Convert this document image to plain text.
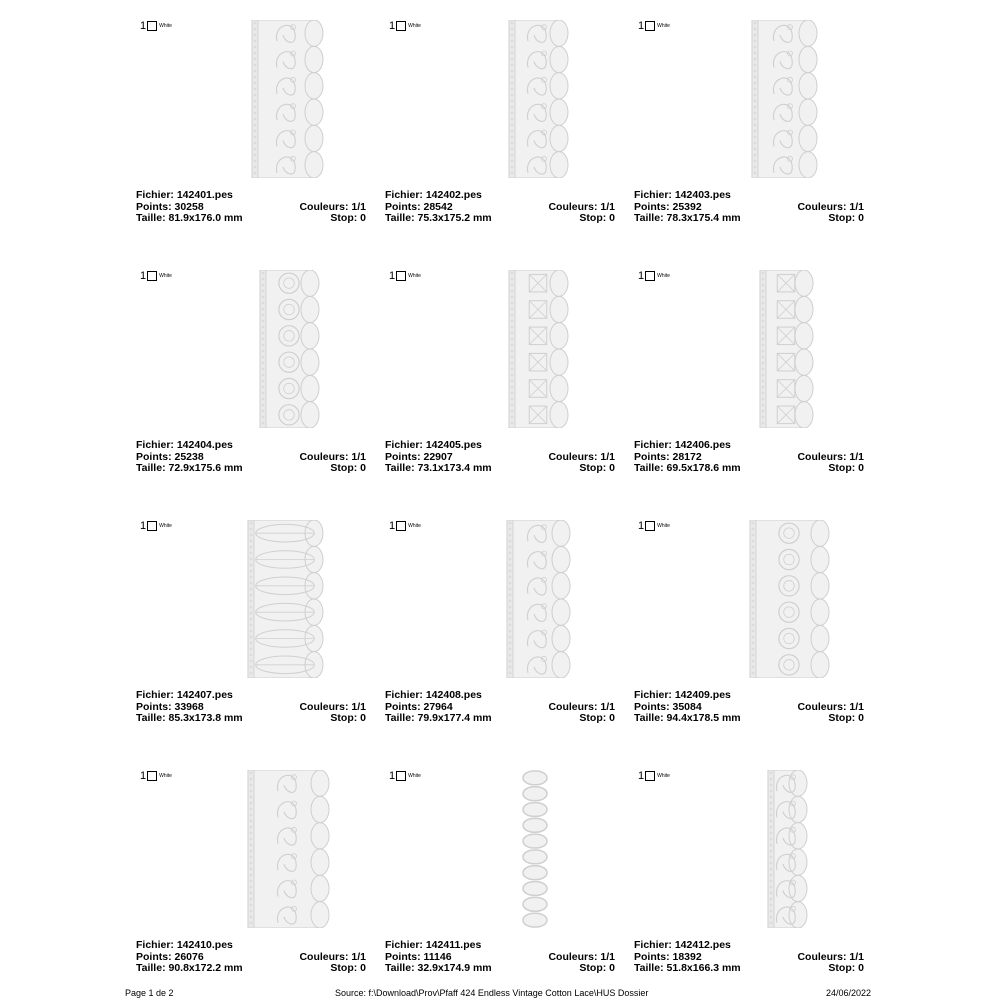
1	White
Fichier: 142401.pes
Points: 30258	Couleurs: 1/1
Taille: 81.9x176.0 mm	Stop: 0
1	White
Fichier: 142402.pes
Points: 28542	Couleurs: 1/1
Taille: 75.3x175.2 mm	Stop: 0
1	White
Fichier: 142403.pes
Points: 25392	Couleurs: 1/1
Taille: 78.3x175.4 mm	Stop: 0
1	White
Fichier: 142404.pes
Points: 25238	Couleurs: 1/1
Taille: 72.9x175.6 mm	Stop: 0
1	White
Fichier: 142405.pes
Points: 22907	Couleurs: 1/1
Taille: 73.1x173.4 mm	Stop: 0
1	White
Fichier: 142406.pes
Points: 28172	Couleurs: 1/1
Taille: 69.5x178.6 mm	Stop: 0
1	White
Fichier: 142407.pes
Points: 33968	Couleurs: 1/1
Taille: 85.3x173.8 mm	Stop: 0
1	White
Fichier: 142408.pes
Points: 27964	Couleurs: 1/1
Taille: 79.9x177.4 mm	Stop: 0
1	White
Fichier: 142409.pes
Points: 35084	Couleurs: 1/1
Taille: 94.4x178.5 mm	Stop: 0
1	White
Fichier: 142410.pes
Points: 26076	Couleurs: 1/1
Taille: 90.8x172.2 mm	Stop: 0
1	White
Fichier: 142411.pes
Points: 11146	Couleurs: 1/1
Taille: 32.9x174.9 mm	Stop: 0
1	White
Fichier: 142412.pes
Points: 18392	Couleurs: 1/1
Taille: 51.8x166.3 mm	Stop: 0
Page 1 de 2	Source: f:\Download\Prov\Pfaff 424 Endless Vintage Cotton Lace\HUS Dossier	24/06/2022
